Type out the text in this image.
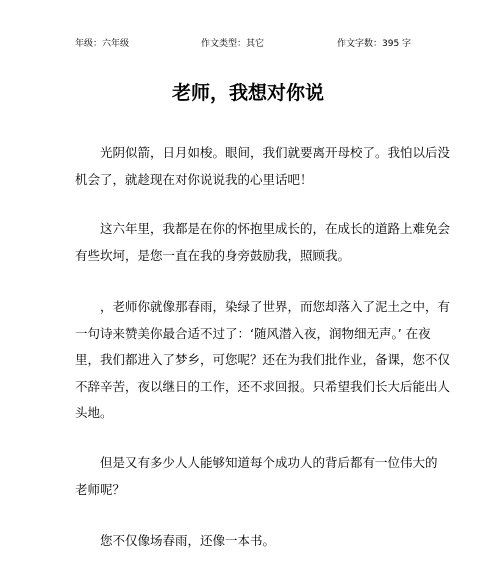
年级：六年级	作文类型：其它	作文字数：395 字
老师，我想对你说
光阴似箭，日月如梭。眼间，我们就要离开母校了。我怕以后没
机会了，就趁现在对你说说我的心里话吧！
这六年里，我都是在你的怀抱里成长的，在成长的道路上难免会
有些坎坷，是您一直在我的身旁鼓励我，照顾我。
，老师你就像那春雨，染绿了世界，而您却落入了泥土之中，有
一句诗来赞美你最合适不过了：‘随风潜入夜，润物细无声。’ 在夜
里，我们都进入了梦乡，可您呢？还在为我们批作业，备课，您不仅
不辞辛苦，夜以继日的工作，还不求回报。只希望我们长大后能出人
头地。
但是又有多少人人能够知道每个成功人的背后都有一位伟大的
老师呢？
您不仅像场春雨，还像一本书。
